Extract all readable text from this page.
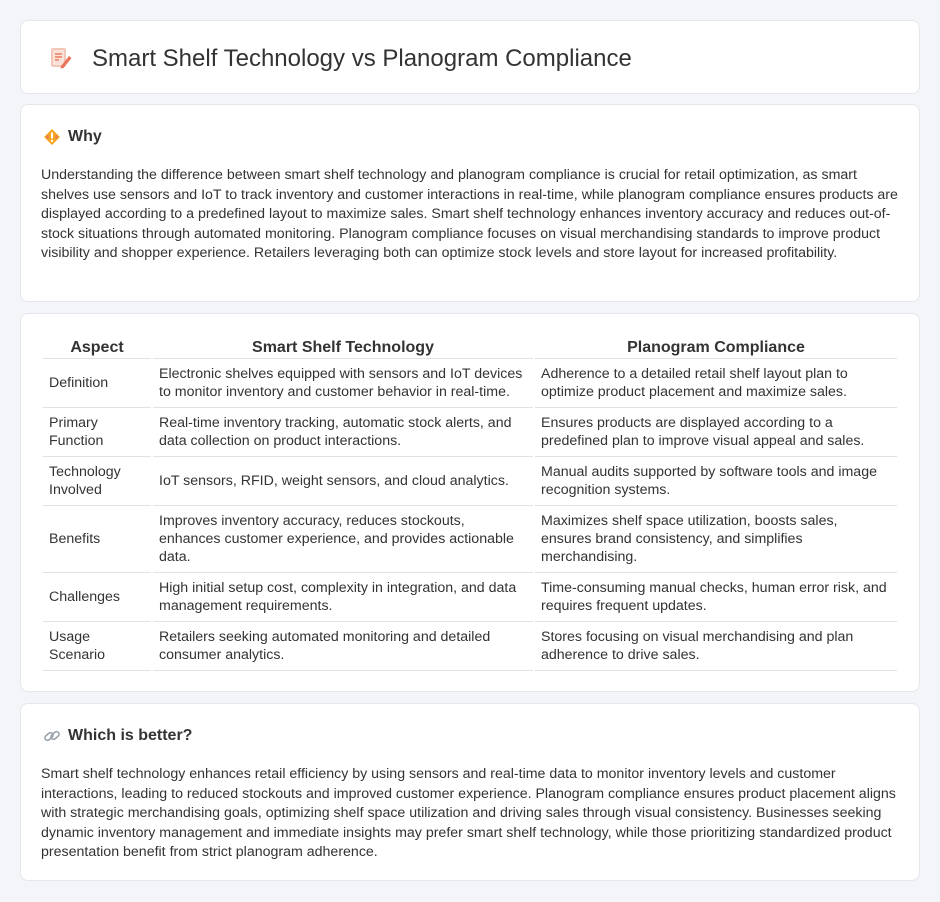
Smart Shelf Technology vs Planogram Compliance
Why

Understanding the difference between smart shelf technology and planogram compliance is crucial for retail optimization, as smart shelves use sensors and IoT to track inventory and customer interactions in real-time, while planogram compliance ensures products are displayed according to a predefined layout to maximize sales. Smart shelf technology enhances inventory accuracy and reduces out-of-stock situations through automated monitoring. Planogram compliance focuses on visual merchandising standards to improve product visibility and shopper experience. Retailers leveraging both can optimize stock levels and store layout for increased profitability.

Aspect	Smart Shelf Technology	Planogram Compliance
Definition	Electronic shelves equipped with sensors and IoT devices to monitor inventory and customer behavior in real-time.	Adherence to a detailed retail shelf layout plan to optimize product placement and maximize sales.
Primary Function	Real-time inventory tracking, automatic stock alerts, and data collection on product interactions.	Ensures products are displayed according to a predefined plan to improve visual appeal and sales.
Technology Involved	IoT sensors, RFID, weight sensors, and cloud analytics.	Manual audits supported by software tools and image recognition systems.
Benefits	Improves inventory accuracy, reduces stockouts, enhances customer experience, and provides actionable data.	Maximizes shelf space utilization, boosts sales, ensures brand consistency, and simplifies merchandising.
Challenges	High initial setup cost, complexity in integration, and data management requirements.	Time-consuming manual checks, human error risk, and requires frequent updates.
Usage Scenario	Retailers seeking automated monitoring and detailed consumer analytics.	Stores focusing on visual merchandising and plan adherence to drive sales.
Which is better?

Smart shelf technology enhances retail efficiency by using sensors and real-time data to monitor inventory levels and customer interactions, leading to reduced stockouts and improved customer experience. Planogram compliance ensures product placement aligns with strategic merchandising goals, optimizing shelf space utilization and driving sales through visual consistency. Businesses seeking dynamic inventory management and immediate insights may prefer smart shelf technology, while those prioritizing standardized product presentation benefit from strict planogram adherence.
